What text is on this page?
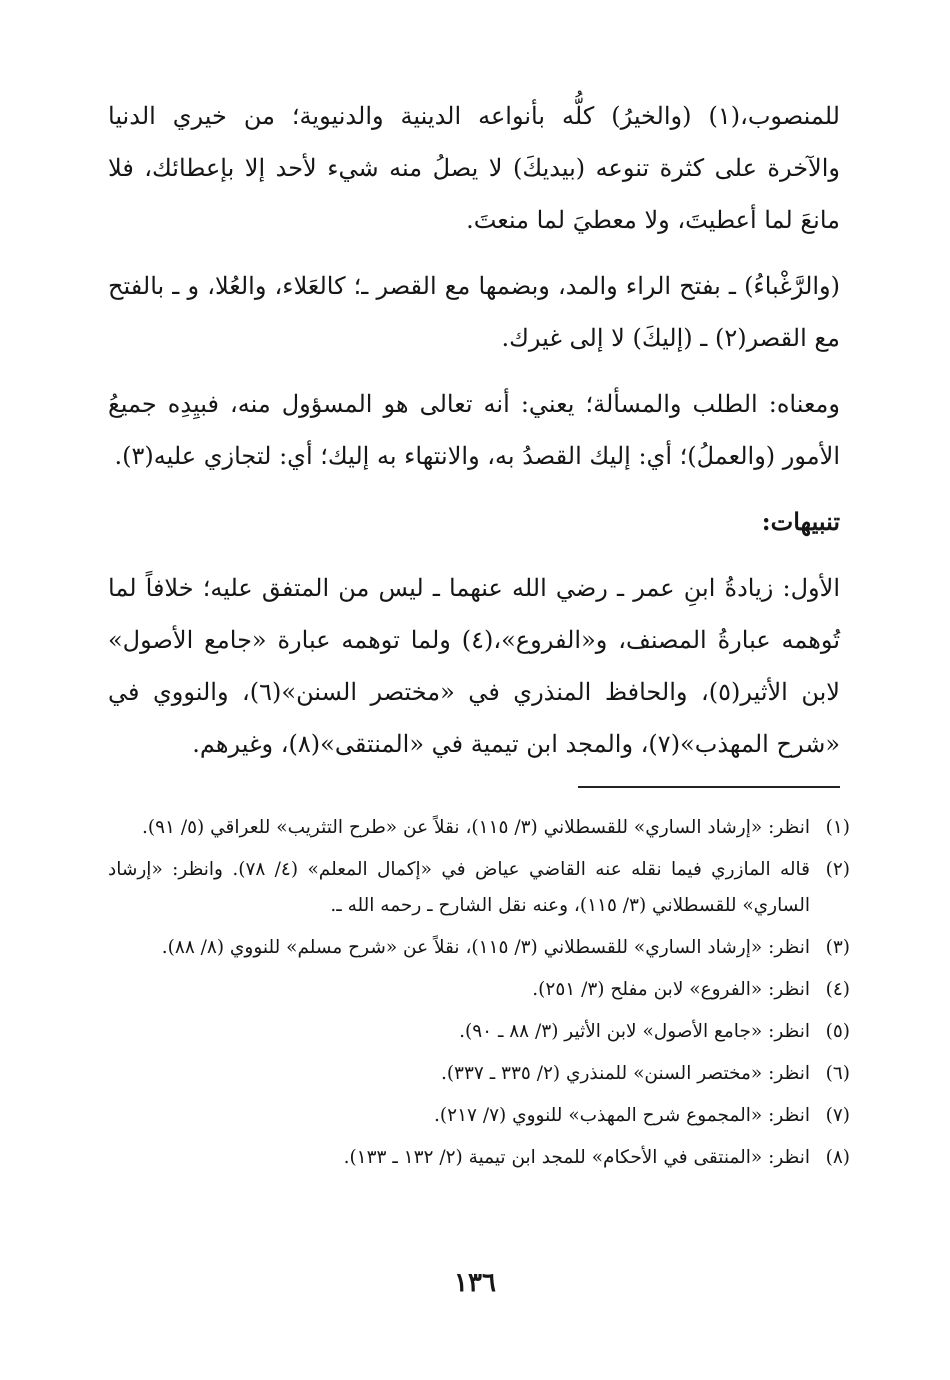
للمنصوب،(١) (والخيرُ) كلُّه بأنواعه الدينية والدنيوية؛ من خيري الدنيا والآخرة على كثرة تنوعه (بيديكَ) لا يصلُ منه شيء لأحد إلا بإعطائك، فلا مانعَ لما أعطيتَ، ولا معطيَ لما منعتَ.

(والرَّغْباءُ) ـ بفتح الراء والمد، وبضمها مع القصر ـ؛ كالعَلاء، والعُلا، و ـ بالفتح مع القصر(٢) ـ (إليكَ) لا إلى غيرك.

ومعناه: الطلب والمسألة؛ يعني: أنه تعالى هو المسؤول منه، فبيِدِه جميعُ الأمور (والعملُ)؛ أي: إليك القصدُ به، والانتهاء به إليك؛ أي: لتجازي عليه(٣).

تنبيهات:

الأول: زيادةُ ابنِ عمر ـ رضي الله عنهما ـ ليس من المتفق عليه؛ خلافاً لما تُوهمه عبارةُ المصنف، و«الفروع»،(٤) ولما توهمه عبارة «جامع الأصول» لابن الأثير(٥)، والحافظ المنذري في «مختصر السنن»(٦)، والنووي في «شرح المهذب»(٧)، والمجد ابن تيمية في «المنتقى»(٨)، وغيرهم.

(١)
انظر: «إرشاد الساري» للقسطلاني (٣/ ١١٥)، نقلاً عن «طرح التثريب» للعراقي (٥/ ٩١).
(٢)
قاله المازري فيما نقله عنه القاضي عياض في «إكمال المعلم» (٤/ ٧٨). وانظر: «إرشاد الساري» للقسطلاني (٣/ ١١٥)، وعنه نقل الشارح ـ رحمه الله ـ.
(٣)
انظر: «إرشاد الساري» للقسطلاني (٣/ ١١٥)، نقلاً عن «شرح مسلم» للنووي (٨/ ٨٨).
(٤)
انظر: «الفروع» لابن مفلح (٣/ ٢٥١).
(٥)
انظر: «جامع الأصول» لابن الأثير (٣/ ٨٨ ـ ٩٠).
(٦)
انظر: «مختصر السنن» للمنذري (٢/ ٣٣٥ ـ ٣٣٧).
(٧)
انظر: «المجموع شرح المهذب» للنووي (٧/ ٢١٧).
(٨)
انظر: «المنتقى في الأحكام» للمجد ابن تيمية (٢/ ١٣٢ ـ ١٣٣).
١٣٦
